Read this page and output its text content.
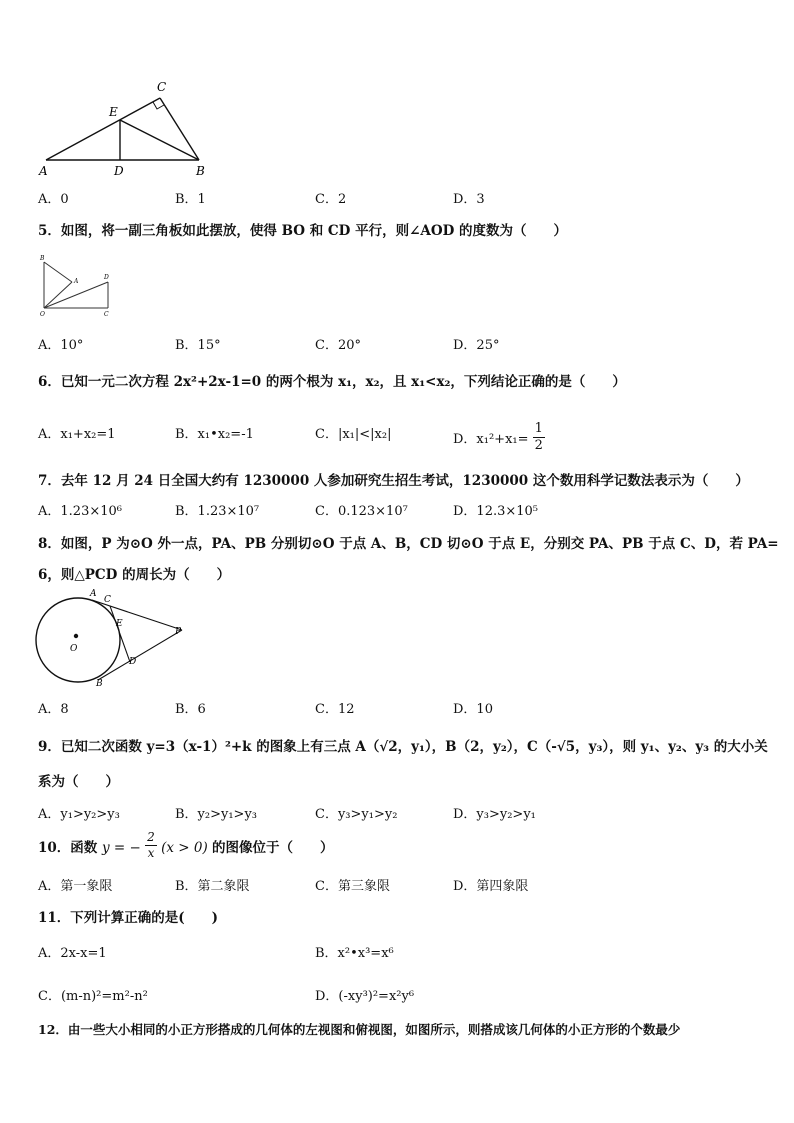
C
E
A	D	B
A．0	B．1	C．2	D．3
5．如图，将一副三角板如此摆放，使得 BO 和 CD 平行，则∠AOD 的度数为（　　）
B
A
D
O	C
A．10°	B．15°	C．20°	D．25°
6．已知一元二次方程 2x²+2x-1=0 的两个根为 x₁，x₂，且 x₁<x₂，下列结论正确的是（　　）
A．x₁+x₂=1	B．x₁•x₂=-1	C．|x₁|<|x₂|	D．$x_1^2+x_1= \frac{1}{2}$
7．去年 12 月 24 日全国大约有 1230000 人参加研究生招生考试，1230000 这个数用科学记数法表示为（　　）
A．1.23×10⁶	B．1.23×10⁷	C．0.123×10⁷	D．12.3×10⁵
8．如图，P 为⊙O 外一点，PA、PB 分别切⊙O 于点 A、B，CD 切⊙O 于点 E，分别交 PA、PB 于点 C、D，若 PA=
6，则△PCD 的周长为（　　）
A
C
E
P
O
D
B
A．8	B．6	C．12	D．10
9．已知二次函数 y=3（x-1）²+k 的图象上有三点 A（√2，y₁），B（2，y₂），C（-√5，y₃），则 y₁、y₂、y₃ 的大小关
系为（　　）
A．y₁>y₂>y₃	B．y₂>y₁>y₃	C．y₃>y₁>y₂	D．y₃>y₂>y₁
10．函数 y = − $\frac{2}{x} (x > 0)$ 的图像位于（　　）
A．第一象限	B．第二象限	C．第三象限	D．第四象限
11．下列计算正确的是(　　)
A．2x-x=1	B．x²•x³=x⁶
C．(m-n)²=m²-n²	D．(-xy³)²=x²y⁶
12．由一些大小相同的小正方形搭成的几何体的左视图和俯视图，如图所示，则搭成该几何体的小正方形的个数最少
